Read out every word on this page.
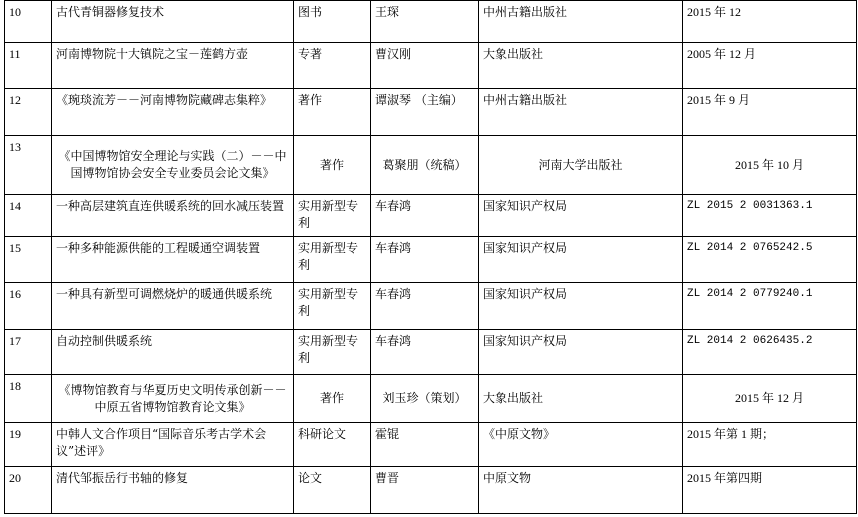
10	古代青铜器修复技术	图书	王琛	中州古籍出版社	2015 年 12
11	河南博物院十大镇院之宝－莲鹤方壶	专著	曹汉刚	大象出版社	2005 年 12 月
12	《琬琰流芳－－河南博物院藏碑志集粹》	著作	谭淑琴 （主编）	中州古籍出版社	2015 年 9 月
13	《中国博物馆安全理论与实践（二）－－中国博物馆协会安全专业委员会论文集》	著作	葛聚朋（统稿）	河南大学出版社	2015 年 10 月
14	一种高层建筑直连供暖系统的回水减压装置	实用新型专利	车春鸿	国家知识产权局	ZL 2015 2 0031363.1
15	一种多种能源供能的工程暖通空调装置	实用新型专利	车春鸿	国家知识产权局	ZL 2014 2 0765242.5
16	一种具有新型可调燃烧炉的暖通供暖系统	实用新型专利	车春鸿	国家知识产权局	ZL 2014 2 0779240.1
17	自动控制供暖系统	实用新型专利	车春鸿	国家知识产权局	ZL 2014 2 0626435.2
18	《博物馆教育与华夏历史文明传承创新－－中原五省博物馆教育论文集》	著作	刘玉珍（策划）	大象出版社	2015 年 12 月
19	中韩人文合作项目“国际音乐考古学术会议”述评》	科研论文	霍锟	《中原文物》	2015 年第 1 期；
20	清代邹振岳行书轴的修复	论文	曹晋	中原文物	2015 年第四期
